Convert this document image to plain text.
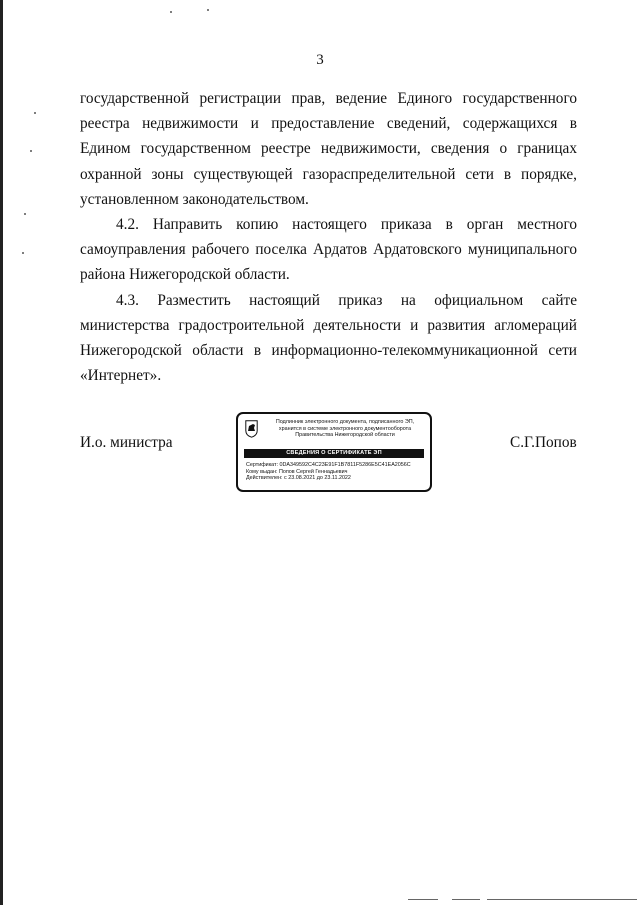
3

государственной регистрации прав, ведение Единого государственного реестра недвижимости и предоставление сведений, содержащихся в Едином государственном реестре недвижимости, сведения о границах охранной зоны существующей газораспределительной сети в порядке, установленном законодательством.

4.2. Направить копию настоящего приказа в орган местного самоуправления рабочего поселка Ардатов Ардатовского муниципального района Нижегородской области.

4.3. Разместить настоящий приказ на официальном сайте министерства градостроительной деятельности и развития агломераций Нижегородской области в информационно-телекоммуникационной сети «Интернет».

И.о. министра	С.Г.Попов
Подлинник электронного документа, подписанного ЭП,
хранится в системе электронного документооборота
Правительства Нижегородской области
СВЕДЕНИЯ О СЕРТИФИКАТЕ ЭП
Сертификат: 0DA349592C4C23E91F1B7811F5286E5C41EA2056C
Кому выдан: Попов Сергей Геннадьевич
Действителен: с 23.08.2021 до 23.11.2022
